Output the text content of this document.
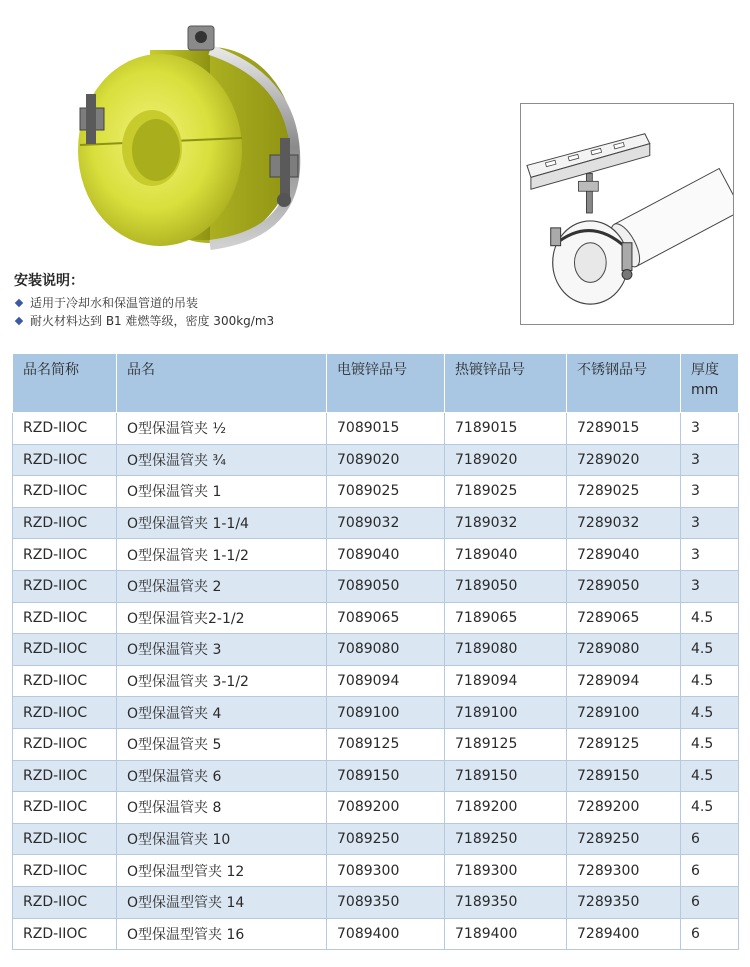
安装说明：
适用于冷却水和保温管道的吊装
耐火材料达到 B1 难燃等级，密度 300kg/m3
品名简称	品名	电镀锌品号	热镀锌品号	不锈钢品号	厚度
mm
RZD-IIOC	O型保温管夹 ½	7089015	7189015	7289015	3
RZD-IIOC	O型保温管夹 ¾	7089020	7189020	7289020	3
RZD-IIOC	O型保温管夹 1	7089025	7189025	7289025	3
RZD-IIOC	O型保温管夹 1-1/4	7089032	7189032	7289032	3
RZD-IIOC	O型保温管夹 1-1/2	7089040	7189040	7289040	3
RZD-IIOC	O型保温管夹 2	7089050	7189050	7289050	3
RZD-IIOC	O型保温管夹2-1/2	7089065	7189065	7289065	4.5
RZD-IIOC	O型保温管夹 3	7089080	7189080	7289080	4.5
RZD-IIOC	O型保温管夹 3-1/2	7089094	7189094	7289094	4.5
RZD-IIOC	O型保温管夹 4	7089100	7189100	7289100	4.5
RZD-IIOC	O型保温管夹 5	7089125	7189125	7289125	4.5
RZD-IIOC	O型保温管夹 6	7089150	7189150	7289150	4.5
RZD-IIOC	O型保温管夹 8	7089200	7189200	7289200	4.5
RZD-IIOC	O型保温管夹 10	7089250	7189250	7289250	6
RZD-IIOC	O型保温型管夹 12	7089300	7189300	7289300	6
RZD-IIOC	O型保温型管夹 14	7089350	7189350	7289350	6
RZD-IIOC	O型保温型管夹 16	7089400	7189400	7289400	6
